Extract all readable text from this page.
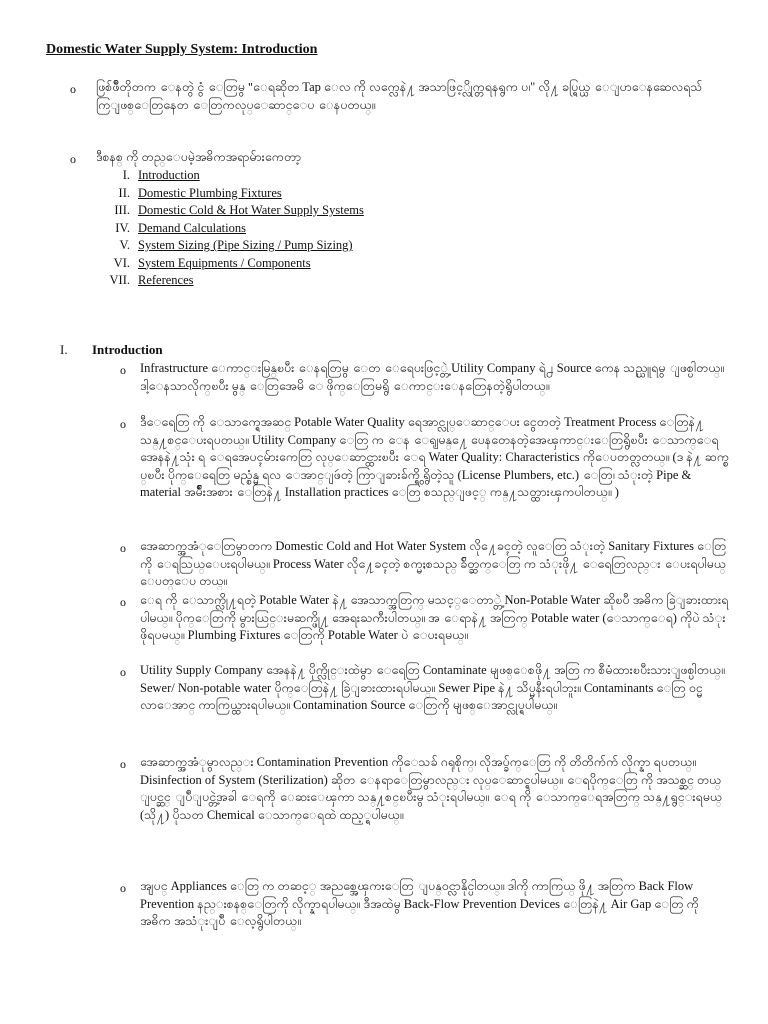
Domestic Water Supply System: Introduction
o ဖြစ်ဖိဳတိုတက ေနတွဲ ငွံ ေတြမွ "ေရဆိုတ Tap ေလ ကို လက္လေနဲ႔ အသာဖြင့္လိုက္တရနရွက ပ၊" လို႔ ခပ္ရြယ္ယ ေျပာေနဆေလရသ်ကြျဖစ္ေတြနေတ ေတြကလုပ္ေဆာင္ေပ ေနပတယ္။
o ဒီစနစ္ ကို တည္ေပမဲ့အဓိကအရာမ်ားကေတာ့
I. Introduction
II. Domestic Plumbing Fixtures
III. Domestic Cold & Hot Water Supply Systems
IV. Demand Calculations
V. System Sizing (Pipe Sizing / Pump Sizing)
VI. System Equipments / Components
VII. References
I. Introduction
o Infrastructure ေကာင္းမြန္ၿပီး ေနရတြမွ ေတ ေရေပးဖြင့္တဲ့ Utility Company ရဲ႕ Source ကေန သည္ယူရမွ ျဖစ္ပါတယ္။ ဒါ့ေနသာလိုက္ၿပီး မွန္ ေတြအေမိ ေ ဖိုက္ေတြမရွိ ေကာင္းေနတြေနတဲ့ရွိပါတယ္။
o ဒီေရေတြ ကို ေသာက္ရေအဆင္ Potable Water Quality ရေအာင္လုပ္ေဆာင္ေပး ငွေတတဲ့ Treatment Process ေတြနဲ႔ သန္႔စင္ေပးရပတယ္။ Utility Company ေတြ က ေန ေရျမန္႔ေ ပေနတေနတဲ့အေၾကာင္းေတြရွိၿပီး ေသာက္ေရအေနနဲ႔သုံး ရ ေရအေပၚမ်ားကေတြ လုပ္ေဆာင္ထားၿပီး ေရ Water Quality: Characteristics ကိုေပတတ္လတယ္။ (ဒ နဲ႔ ဆက္စပ္ၿပီး ပိုက္ေရေတြ မည္စံန္မ ရလ ေအာင္ျဖဴတဲ့ ကြာျခားခ်က္ရွိ ရွိတဲ့သူ (License Plumbers, etc.) ေတြ၊ သံုးတဲ့ Pipe & material အမ်ိဳးအစား ေတြနဲ႔ Installation practices ေတြ စသည္ျဖင့္ ကန္႔သတ္ထားၾကပါတယ္။ )
o အေဆာက္အအံုေတြမွာတက Domestic Cold and Hot Water System လို႔ေခၚတဲ့ လူေတြ သံုးတဲ့ Sanitary Fixtures ေတြကို ေရသြယ္ေပးရပါမယ္။ Process Water လို႔ေခၚတဲ့ စက္မႈစသည္ ခ်ိတ္ဆက္ေတြ က သံုးဖို႔ ေရေတြလည္း ေပးရပါမယ္ ေပတ္ေပ တယ္။
o ေရ ကို ေသာက္လို႔ရတဲ့ Potable Water နဲ႔ အေသာက္အတြက္ မသင့္ေတာ္တဲ့ Non-Potable Water ဆိုၿပီ အဓိက ခြဲျခားထားရပါမယ္။ ပိုက္ေတြကို မွားယြင္းမဆက္ဖို႔ အေရးႀကီးပါတယ္။ အ ေရာနဲ႔ အတြက္ Potable water (ေသာက္ေရ) ကိုပဲ သံုး ဖိုရပမယ္။ Plumbing Fixtures ေတြကို Potable Water ပဲ ေပးရမယ္။
o Utility Supply Company အေနနဲ႔ ပိုက္လိုင္းထဲမွာ ေရေတြ Contaminate မျဖစ္ေစဖို႔ အတြ က စီမံထားၿပီးသားျဖစ္ပါတယ္။ Sewer/ Non-potable water ပိုက္ေတြနဲ႔ ခြဲျခားထားရပါမယ္။ Sewer Pipe နဲ႔ သိပ္မနီးရပါဘူး။ Contaminants ေတြ ဝင္မလာေအာင္ ကာကြယ္ထားရပါမယ္။ Contamination Source ေတြကို မျဖစ္ေအာင္လုပ္ရပါမယ္။
o အေဆာက္အအံုမွာလည္း Contamination Prevention ကိုေသခ် ဂရုစိုက္၊ လိုအပ္ခ်က္ေတြ ကို တိတိက်က် လိုက္နာ ရပတယ္။ Disinfection of System (Sterilization) ဆိုတ ေနရာေတြမွာလည္း လုပ္ေဆာင္ရပါမယ္။ ေရပိုက္ေတြ ကို အသစ္ဆင္ တယ္ ျပင္ဆင္ ျပဳျပင္တဲ့အခါ ေရကို ေဆးေၾကာ သန္႔စင္ၿပီးမွ သံုးရပါမယ္။ ေရ ကို ေသာက္ေရအတြက္ သန္႔ရွင္းရမယ္ (သို႔) ပိုသတ Chemical ေသာက္ေရထဲ ထည့္ရပါမယ္။
o အျပင္ Appliances ေတြ က တဆင့္ အညစ္အေၾကးေတြ ျပန္ဝင္လာနိုင္ပါတယ္။ ဒါကို ကာကြယ္ ဖို႔ အတြက Back Flow Prevention နည္းစနစ္ေတြကို လိုက္နာရပါမယ္။ ဒီအထဲမွ Back-Flow Prevention Devices ေတြနဲ႔ Air Gap ေတြ ကို အဓိက အသံုးျပဳ ေလ့ရွိပါတယ္။
